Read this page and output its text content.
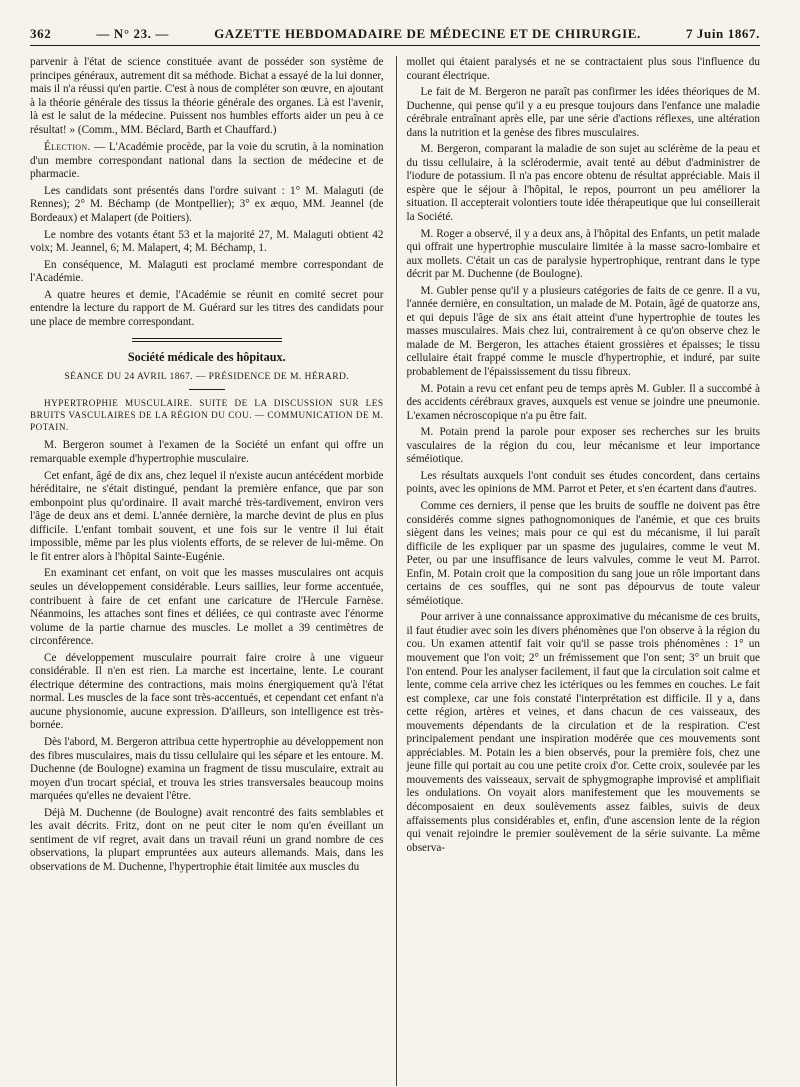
362	— N° 23. —	GAZETTE HEBDOMADAIRE DE MÉDECINE ET DE CHIRURGIE.	7 Juin 1867.

parvenir à l'état de science constituée avant de posséder son système de principes généraux, autrement dit sa méthode. Bichat a essayé de la lui donner, mais il n'a réussi qu'en partie. C'est à nous de compléter son œuvre, en ajoutant à la théorie générale des tissus la théorie générale des organes. Là est l'avenir, là est le salut de la médecine. Puissent nos humbles efforts aider un peu à ce résultat! » (Comm., MM. Béclard, Barth et Chauffard.)

Élection. — L'Académie procède, par la voie du scrutin, à la nomination d'un membre correspondant national dans la section de médecine et de pharmacie.

Les candidats sont présentés dans l'ordre suivant : 1° M. Malaguti (de Rennes); 2° M. Béchamp (de Montpellier); 3° ex æquo, MM. Jeannel (de Bordeaux) et Malapert (de Poitiers).

Le nombre des votants étant 53 et la majorité 27, M. Malaguti obtient 42 voix; M. Jeannel, 6; M. Malapert, 4; M. Béchamp, 1.

En conséquence, M. Malaguti est proclamé membre correspondant de l'Académie.

A quatre heures et demie, l'Académie se réunit en comité secret pour entendre la lecture du rapport de M. Guérard sur les titres des candidats pour une place de membre correspondant.

Société médicale des hôpitaux.
SÉANCE DU 24 AVRIL 1867. — PRÉSIDENCE DE M. HÉRARD.
HYPERTROPHIE MUSCULAIRE. SUITE DE LA DISCUSSION SUR LES BRUITS VASCULAIRES DE LA RÉGION DU COU. — COMMUNICATION DE M. POTAIN.

M. Bergeron soumet à l'examen de la Société un enfant qui offre un remarquable exemple d'hypertrophie musculaire.

Cet enfant, âgé de dix ans, chez lequel il n'existe aucun antécédent morbide héréditaire, ne s'était distingué, pendant la première enfance, que par son embonpoint plus qu'ordinaire. Il avait marché très-tardivement, environ vers l'âge de deux ans et demi. L'année dernière, la marche devint de plus en plus difficile. L'enfant tombait souvent, et une fois sur le ventre il lui était impossible, même par les plus violents efforts, de se relever de lui-même. On le fit entrer alors à l'hôpital Sainte-Eugénie.

En examinant cet enfant, on voit que les masses musculaires ont acquis seules un développement considérable. Leurs saillies, leur forme accentuée, contribuent à faire de cet enfant une caricature de l'Hercule Farnèse. Néanmoins, les attaches sont fines et déliées, ce qui contraste avec l'énorme volume de la partie charnue des muscles. Le mollet a 39 centimètres de circonférence.

Ce développement musculaire pourrait faire croire à une vigueur considérable. Il n'en est rien. La marche est incertaine, lente. Le courant électrique détermine des contractions, mais moins énergiquement qu'à l'état normal. Les muscles de la face sont très-accentués, et cependant cet enfant n'a aucune physionomie, aucune expression. D'ailleurs, son intelligence est très-bornée.

Dès l'abord, M. Bergeron attribua cette hypertrophie au développement non des fibres musculaires, mais du tissu cellulaire qui les sépare et les entoure. M. Duchenne (de Boulogne) examina un fragment de tissu musculaire, extrait au moyen d'un trocart spécial, et trouva les stries transversales beaucoup moins marquées qu'elles ne devaient l'être.

Déjà M. Duchenne (de Boulogne) avait rencontré des faits semblables et les avait décrits. Fritz, dont on ne peut citer le nom qu'en éveillant un sentiment de vif regret, avait dans un travail réuni un grand nombre de ces observations, la plupart empruntées aux auteurs allemands. Mais, dans les observations de M. Duchenne, l'hypertrophie était limitée aux muscles du

mollet qui étaient paralysés et ne se contractaient plus sous l'influence du courant électrique.

Le fait de M. Bergeron ne paraît pas confirmer les idées théoriques de M. Duchenne, qui pense qu'il y a eu presque toujours dans l'enfance une maladie cérébrale entraînant après elle, par une série d'actions réflexes, une altération dans la nutrition et la genèse des fibres musculaires.

M. Bergeron, comparant la maladie de son sujet au sclérème de la peau et du tissu cellulaire, à la sclérodermie, avait tenté au début d'administrer de l'iodure de potassium. Il n'a pas encore obtenu de résultat appréciable. Mais il espère que le séjour à l'hôpital, le repos, pourront un peu améliorer la situation. Il accepterait volontiers toute idée thérapeutique que lui conseillerait la Société.

M. Roger a observé, il y a deux ans, à l'hôpital des Enfants, un petit malade qui offrait une hypertrophie musculaire limitée à la masse sacro-lombaire et aux mollets. C'était un cas de paralysie hypertrophique, rentrant dans le type décrit par M. Duchenne (de Boulogne).

M. Gubler pense qu'il y a plusieurs catégories de faits de ce genre. Il a vu, l'année dernière, en consultation, un malade de M. Potain, âgé de quatorze ans, et qui depuis l'âge de six ans était atteint d'une hypertrophie de toutes les masses musculaires. Mais chez lui, contrairement à ce qu'on observe chez le malade de M. Bergeron, les attaches étaient grossières et épaisses; le tissu cellulaire était frappé comme le muscle d'hypertrophie, et induré, par suite probablement de l'épaississement du tissu fibreux.

M. Potain a revu cet enfant peu de temps après M. Gubler. Il a succombé à des accidents cérébraux graves, auxquels est venue se joindre une pneumonie. L'examen nécroscopique n'a pu être fait.

M. Potain prend la parole pour exposer ses recherches sur les bruits vasculaires de la région du cou, leur mécanisme et leur importance séméiotique.

Les résultats auxquels l'ont conduit ses études concordent, dans certains points, avec les opinions de MM. Parrot et Peter, et s'en écartent dans d'autres.

Comme ces derniers, il pense que les bruits de souffle ne doivent pas être considérés comme signes pathognomoniques de l'anémie, et que ces bruits siègent dans les veines; mais pour ce qui est du mécanisme, il lui paraît difficile de les expliquer par un spasme des jugulaires, comme le veut M. Peter, ou par une insuffisance de leurs valvules, comme le veut M. Parrot. Enfin, M. Potain croit que la composition du sang joue un rôle important dans certains de ces souffles, qui ne sont pas dépourvus de toute valeur séméiotique.

Pour arriver à une connaissance approximative du mécanisme de ces bruits, il faut étudier avec soin les divers phénomènes que l'on observe à la région du cou. Un examen attentif fait voir qu'il se passe trois phénomènes : 1° un mouvement que l'on voit; 2° un frémissement que l'on sent; 3° un bruit que l'on entend. Pour les analyser facilement, il faut que la circulation soit calme et lente, comme cela arrive chez les ictériques ou les femmes en couches. Le fait est complexe, car une fois constaté l'interprétation est difficile. Il y a, dans cette région, artères et veines, et dans chacun de ces vaisseaux, des mouvements dépendants de la circulation et de la respiration. C'est principalement pendant une inspiration modérée que ces mouvements sont appréciables. M. Potain les a bien observés, pour la première fois, chez une jeune fille qui portait au cou une petite croix d'or. Cette croix, soulevée par les mouvements des vaisseaux, servait de sphygmographe improvisé et amplifiait les ondulations. On voyait alors manifestement que les mouvements se décomposaient en deux soulèvements assez faibles, suivis de deux affaissements plus considérables et, enfin, d'une ascension lente de la région qui venait rejoindre le premier soulèvement de la série suivante. La même observa-
